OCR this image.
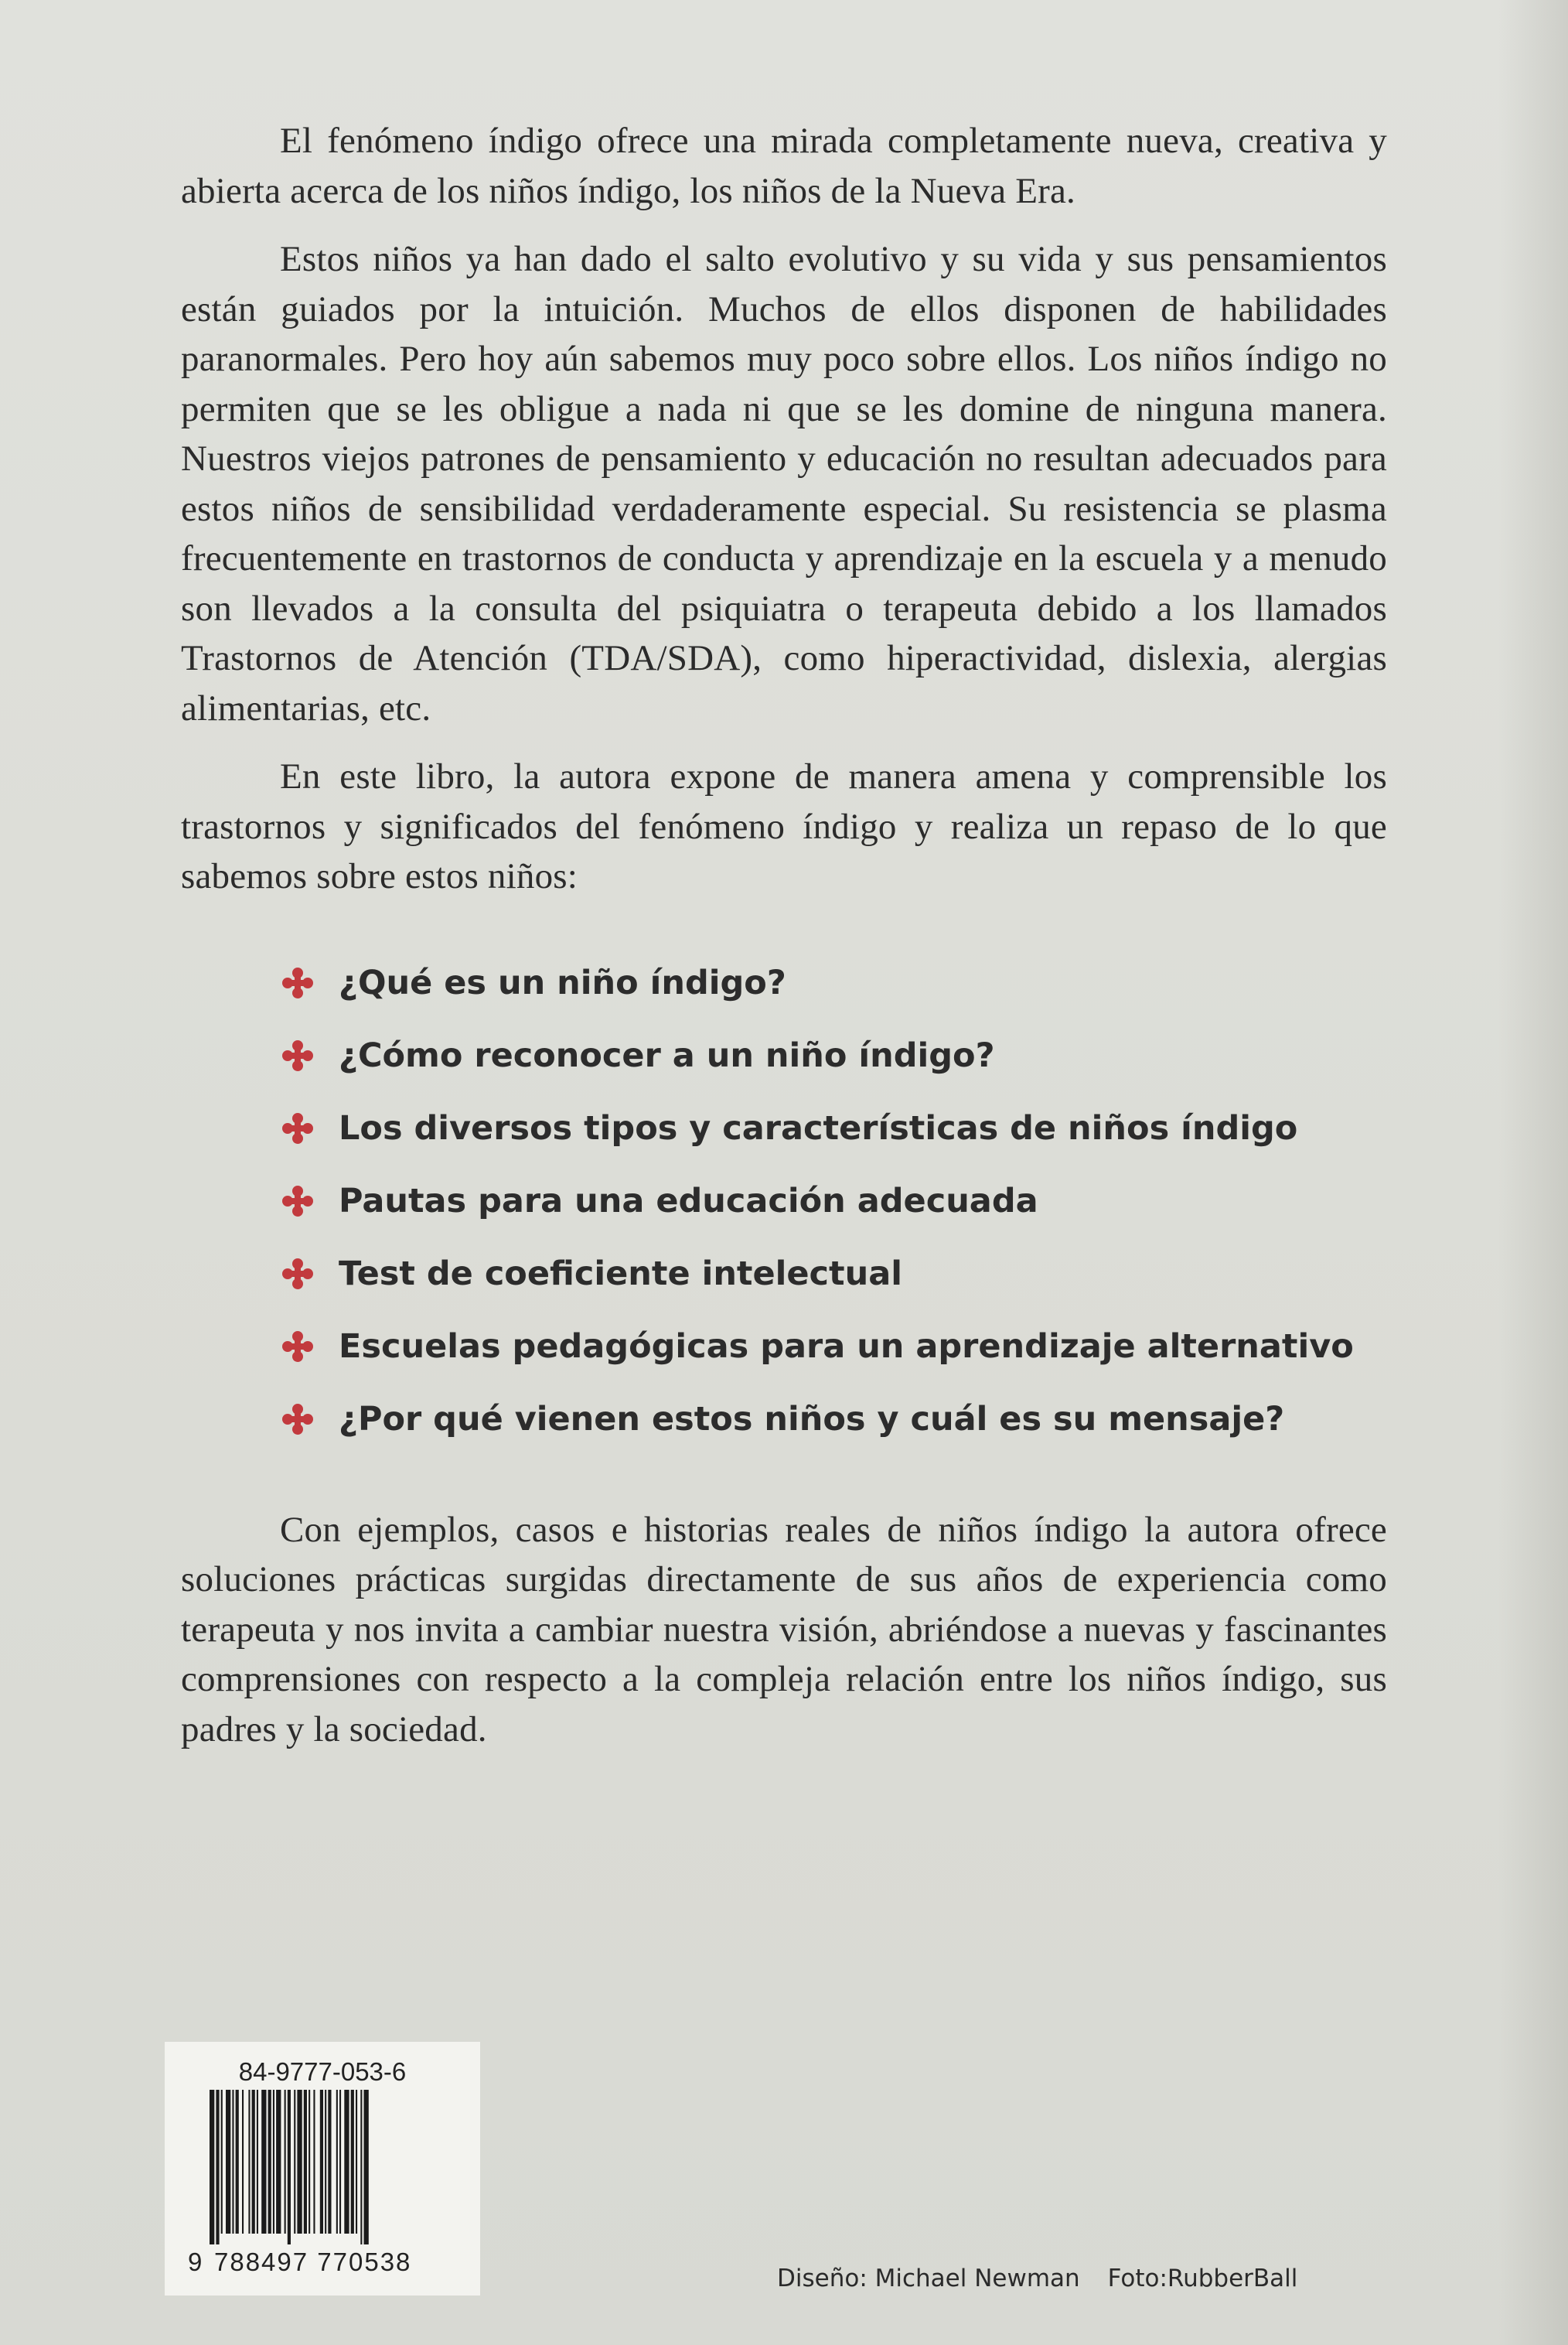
El fenómeno índigo ofrece una mirada completamente nueva, creativa y abierta acerca de los niños índigo, los niños de la Nueva Era.

Estos niños ya han dado el salto evolutivo y su vida y sus pensamientos están guiados por la intuición. Muchos de ellos disponen de habilidades paranormales. Pero hoy aún sabemos muy poco sobre ellos. Los niños índigo no permiten que se les obligue a nada ni que se les domine de ninguna manera. Nuestros viejos patrones de pensamiento y educación no resultan adecuados para estos niños de sensibilidad verdaderamente especial. Su resistencia se plasma frecuentemente en trastornos de conducta y aprendizaje en la escuela y a menudo son llevados a la consulta del psiquiatra o terapeuta debido a los llamados Trastornos de Atención (TDA/SDA), como hiperactividad, dislexia, alergias alimentarias, etc.

En este libro, la autora expone de manera amena y comprensible los trastornos y significados del fenómeno índigo y realiza un repaso de lo que sabemos sobre estos niños:

¿Qué es un niño índigo?
¿Cómo reconocer a un niño índigo?
Los diversos tipos y características de niños índigo
Pautas para una educación adecuada
Test de coeficiente intelectual
Escuelas pedagógicas para un aprendizaje alternativo
¿Por qué vienen estos niños y cuál es su mensaje?

Con ejemplos, casos e historias reales de niños índigo la autora ofrece soluciones prácticas surgidas directamente de sus años de experiencia como terapeuta y nos invita a cambiar nuestra visión, abriéndose a nuevas y fascinantes comprensiones con respecto a la compleja relación entre los niños índigo, sus padres y la sociedad.

84-9777-053-6
9 788497 770538
Diseño: Michael Newman Foto:RubberBall
